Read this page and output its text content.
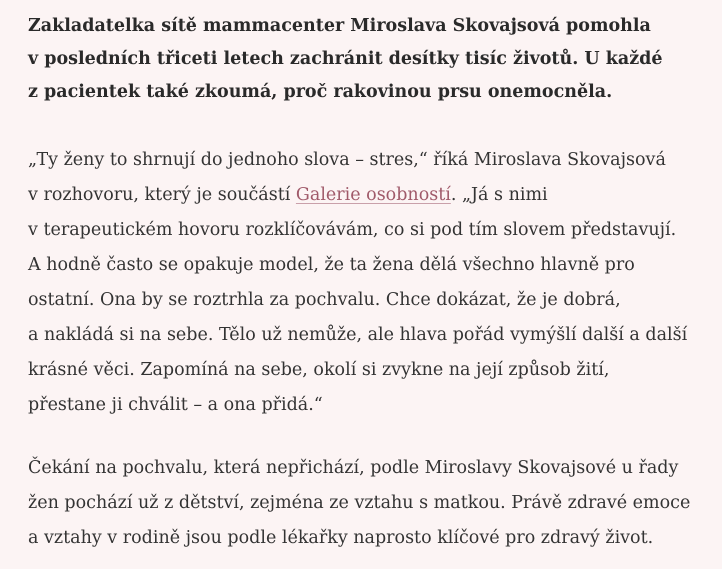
Zakladatelka sítě mammacenter Miroslava Skovajsová pomohla
v posledních třiceti letech zachránit desítky tisíc životů. U každé
z pacientek také zkoumá, proč rakovinou prsu onemocněla.

„Ty ženy to shrnují do jednoho slova – stres,“ říká Miroslava Skovajsová
v rozhovoru, který je součástí Galerie osobností. „Já s nimi
v terapeutickém hovoru rozklíčovávám, co si pod tím slovem představují.
A hodně často se opakuje model, že ta žena dělá všechno hlavně pro
ostatní. Ona by se roztrhla za pochvalu. Chce dokázat, že je dobrá,
a nakládá si na sebe. Tělo už nemůže, ale hlava pořád vymýšlí další a další
krásné věci. Zapomíná na sebe, okolí si zvykne na její způsob žití,
přestane ji chválit – a ona přidá.“

Čekání na pochvalu, která nepřichází, podle Miroslavy Skovajsové u řady
žen pochází už z dětství, zejména ze vztahu s matkou. Právě zdravé emoce
a vztahy v rodině jsou podle lékařky naprosto klíčové pro zdravý život.
